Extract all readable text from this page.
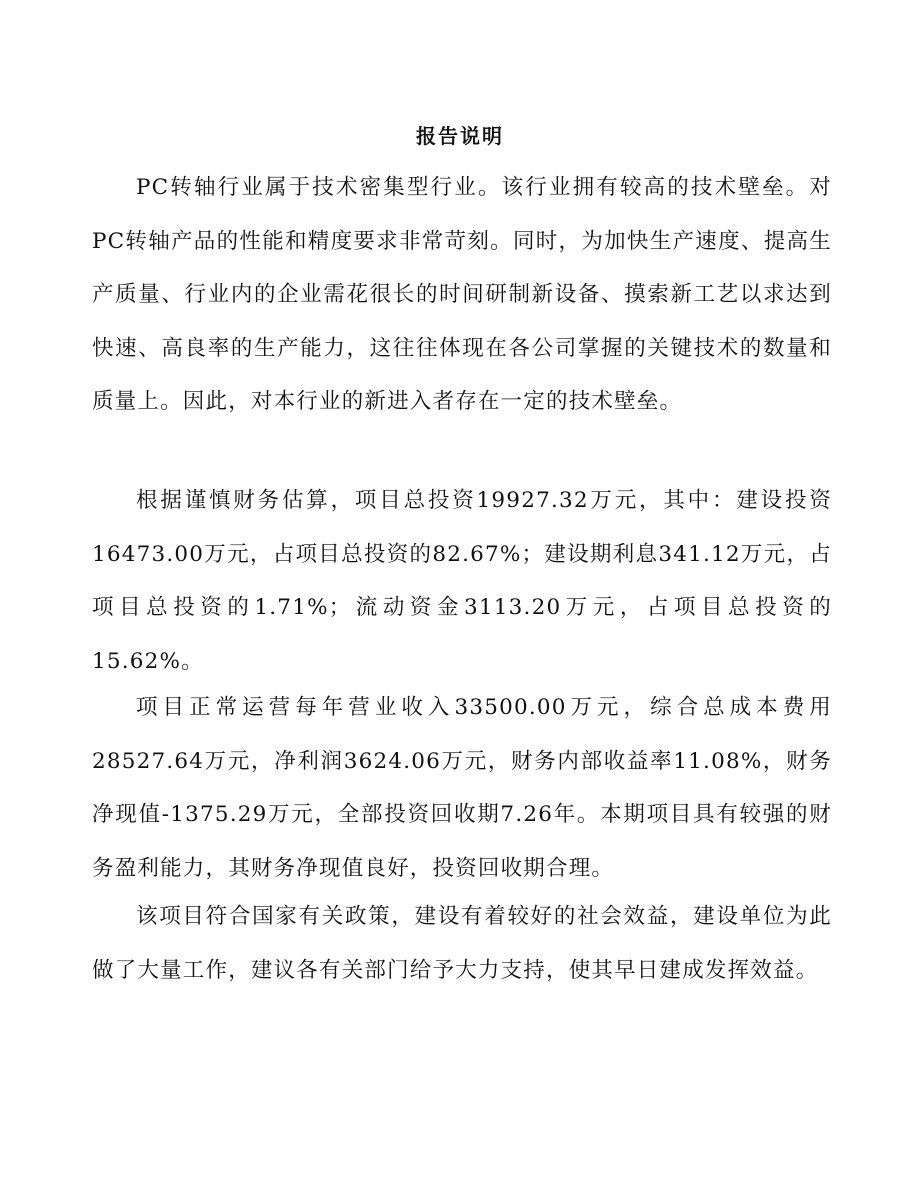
报告说明

PC转轴行业属于技术密集型行业。该行业拥有较高的技术壁垒。对PC转轴产品的性能和精度要求非常苛刻。同时，为加快生产速度、提高生产质量、行业内的企业需花很长的时间研制新设备、摸索新工艺以求达到快速、高良率的生产能力，这往往体现在各公司掌握的关键技术的数量和质量上。因此，对本行业的新进入者存在一定的技术壁垒。

根据谨慎财务估算，项目总投资19927.32万元，其中：建设投资16473.00万元，占项目总投资的82.67%；建设期利息341.12万元，占项目总投资的1.71%；流动资金3113.20万元，占项目总投资的15.62%。

项目正常运营每年营业收入33500.00万元，综合总成本费用28527.64万元，净利润3624.06万元，财务内部收益率11.08%，财务净现值-1375.29万元，全部投资回收期7.26年。本期项目具有较强的财务盈利能力，其财务净现值良好，投资回收期合理。

该项目符合国家有关政策，建设有着较好的社会效益，建设单位为此做了大量工作，建议各有关部门给予大力支持，使其早日建成发挥效益。
